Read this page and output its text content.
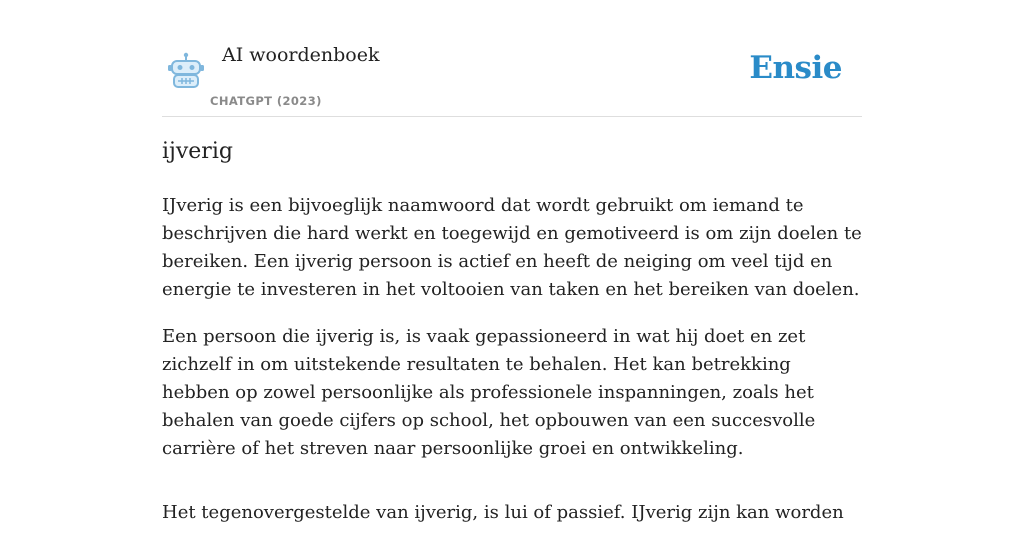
AI woordenboek
CHATGPT (2023)
Ensie
ijverig

IJverig is een bijvoeglijk naamwoord dat wordt gebruikt om iemand te beschrijven die hard werkt en toegewijd en gemotiveerd is om zijn doelen te bereiken. Een ijverig persoon is actief en heeft de neiging om veel tijd en energie te investeren in het voltooien van taken en het bereiken van doelen.

Een persoon die ijverig is, is vaak gepassioneerd in wat hij doet en zet zichzelf in om uitstekende resultaten te behalen. Het kan betrekking hebben op zowel persoonlijke als professionele inspanningen, zoals het behalen van goede cijfers op school, het opbouwen van een succesvolle carrière of het streven naar persoonlijke groei en ontwikkeling.

Het tegenovergestelde van ijverig, is lui of passief. IJverig zijn kan worden
